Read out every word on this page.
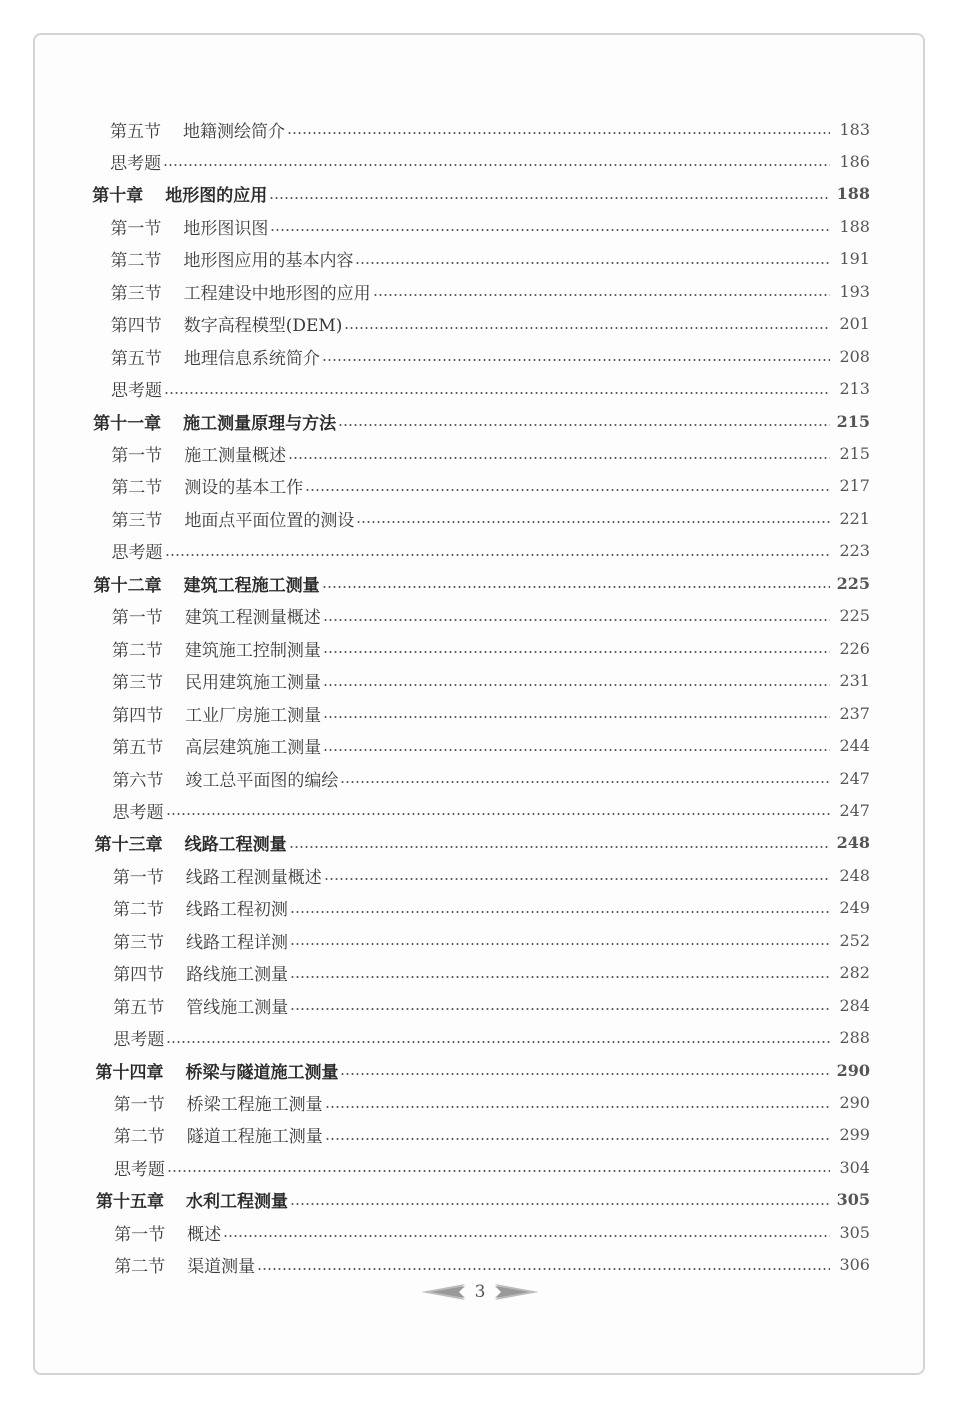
第五节 地籍测绘简介	183
思考题	186
第十章 地形图的应用	188
第一节 地形图识图	188
第二节 地形图应用的基本内容	191
第三节 工程建设中地形图的应用	193
第四节 数字高程模型(DEM)	201
第五节 地理信息系统简介	208
思考题	213
第十一章 施工测量原理与方法	215
第一节 施工测量概述	215
第二节 测设的基本工作	217
第三节 地面点平面位置的测设	221
思考题	223
第十二章 建筑工程施工测量	225
第一节 建筑工程测量概述	225
第二节 建筑施工控制测量	226
第三节 民用建筑施工测量	231
第四节 工业厂房施工测量	237
第五节 高层建筑施工测量	244
第六节 竣工总平面图的编绘	247
思考题	247
第十三章 线路工程测量	248
第一节 线路工程测量概述	248
第二节 线路工程初测	249
第三节 线路工程详测	252
第四节 路线施工测量	282
第五节 管线施工测量	284
思考题	288
第十四章 桥梁与隧道施工测量	290
第一节 桥梁工程施工测量	290
第二节 隧道工程施工测量	299
思考题	304
第十五章 水利工程测量	305
第一节 概述	305
第二节 渠道测量	306
3
